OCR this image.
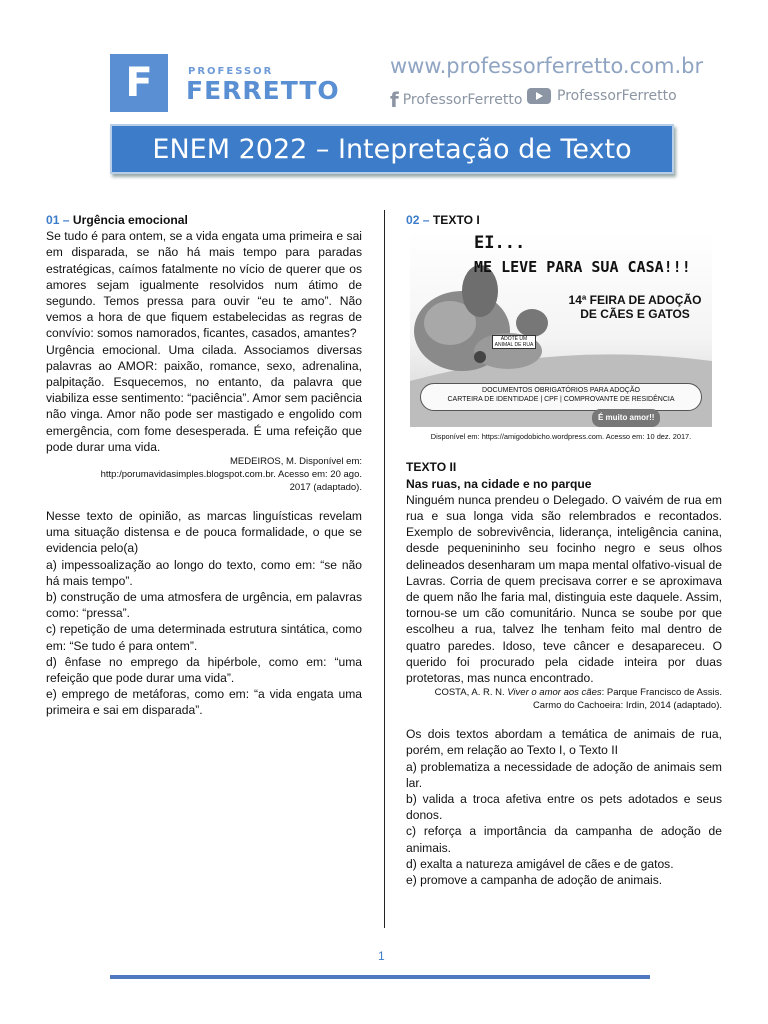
F	PROFESSOR
FERRETTO
www.professorferretto.com.br
f ProfessorFerretto ProfessorFerretto
ENEM 2022 – Intepretação de Texto

01 – Urgência emocional

Se tudo é para ontem, se a vida engata uma primeira e sai em disparada, se não há mais tempo para paradas estratégicas, caímos fatalmente no vício de querer que os amores sejam igualmente resolvidos num átimo de segundo. Temos pressa para ouvir “eu te amo”. Não vemos a hora de que fiquem estabelecidas as regras de convívio: somos namorados, ficantes, casados, amantes?

Urgência emocional. Uma cilada. Associamos diversas palavras ao AMOR: paixão, romance, sexo, adrenalina, palpitação. Esquecemos, no entanto, da palavra que viabiliza esse sentimento: “paciência”. Amor sem paciência não vinga. Amor não pode ser mastigado e engolido com emergência, com fome desesperada. É uma refeição que pode durar uma vida.

MEDEIROS, M. Disponível em:
http:/porumavidasimples.blogspot.com.br. Acesso em: 20 ago.
2017 (adaptado).

Nesse texto de opinião, as marcas linguísticas revelam uma situação distensa e de pouca formalidade, o que se evidencia pelo(a)

a) impessoalização ao longo do texto, como em: “se não há mais tempo”.

b) construção de uma atmosfera de urgência, em palavras como: “pressa”.

c) repetição de uma determinada estrutura sintática, como em: “Se tudo é para ontem”.

d) ênfase no emprego da hipérbole, como em: “uma refeição que pode durar uma vida”.

e) emprego de metáforas, como em: “a vida engata uma primeira e sai em disparada”.

02 – TEXTO I

EI...
ME LEVE PARA SUA CASA!!!
14ª FEIRA DE ADOÇÃO
DE CÃES E GATOS
ADOTE UM ANIMAL DE RUA
DOCUMENTOS OBRIGATÓRIOS PARA ADOÇÃO
CARTEIRA DE IDENTIDADE | CPF | COMPROVANTE DE RESIDÊNCIA
É muito amor!!
Disponível em: https://amigodobicho.wordpress.com. Acesso em: 10 dez. 2017.

TEXTO II

Nas ruas, na cidade e no parque

Ninguém nunca prendeu o Delegado. O vaivém de rua em rua e sua longa vida são relembrados e recontados. Exemplo de sobrevivência, liderança, inteligência canina, desde pequenininho seu focinho negro e seus olhos delineados desenharam um mapa mental olfativo-visual de Lavras. Corria de quem precisava correr e se aproximava de quem não lhe faria mal, distinguia este daquele. Assim, tornou-se um cão comunitário. Nunca se soube por que escolheu a rua, talvez lhe tenham feito mal dentro de quatro paredes. Idoso, teve câncer e desapareceu. O querido foi procurado pela cidade inteira por duas protetoras, mas nunca encontrado.

COSTA, A. R. N. Viver o amor aos cães: Parque Francisco de Assis.
Carmo do Cachoeira: Irdin, 2014 (adaptado).

Os dois textos abordam a temática de animais de rua, porém, em relação ao Texto I, o Texto II

a) problematiza a necessidade de adoção de animais sem lar.

b) valida a troca afetiva entre os pets adotados e seus donos.

c) reforça a importância da campanha de adoção de animais.

d) exalta a natureza amigável de cães e de gatos.

e) promove a campanha de adoção de animais.

1
